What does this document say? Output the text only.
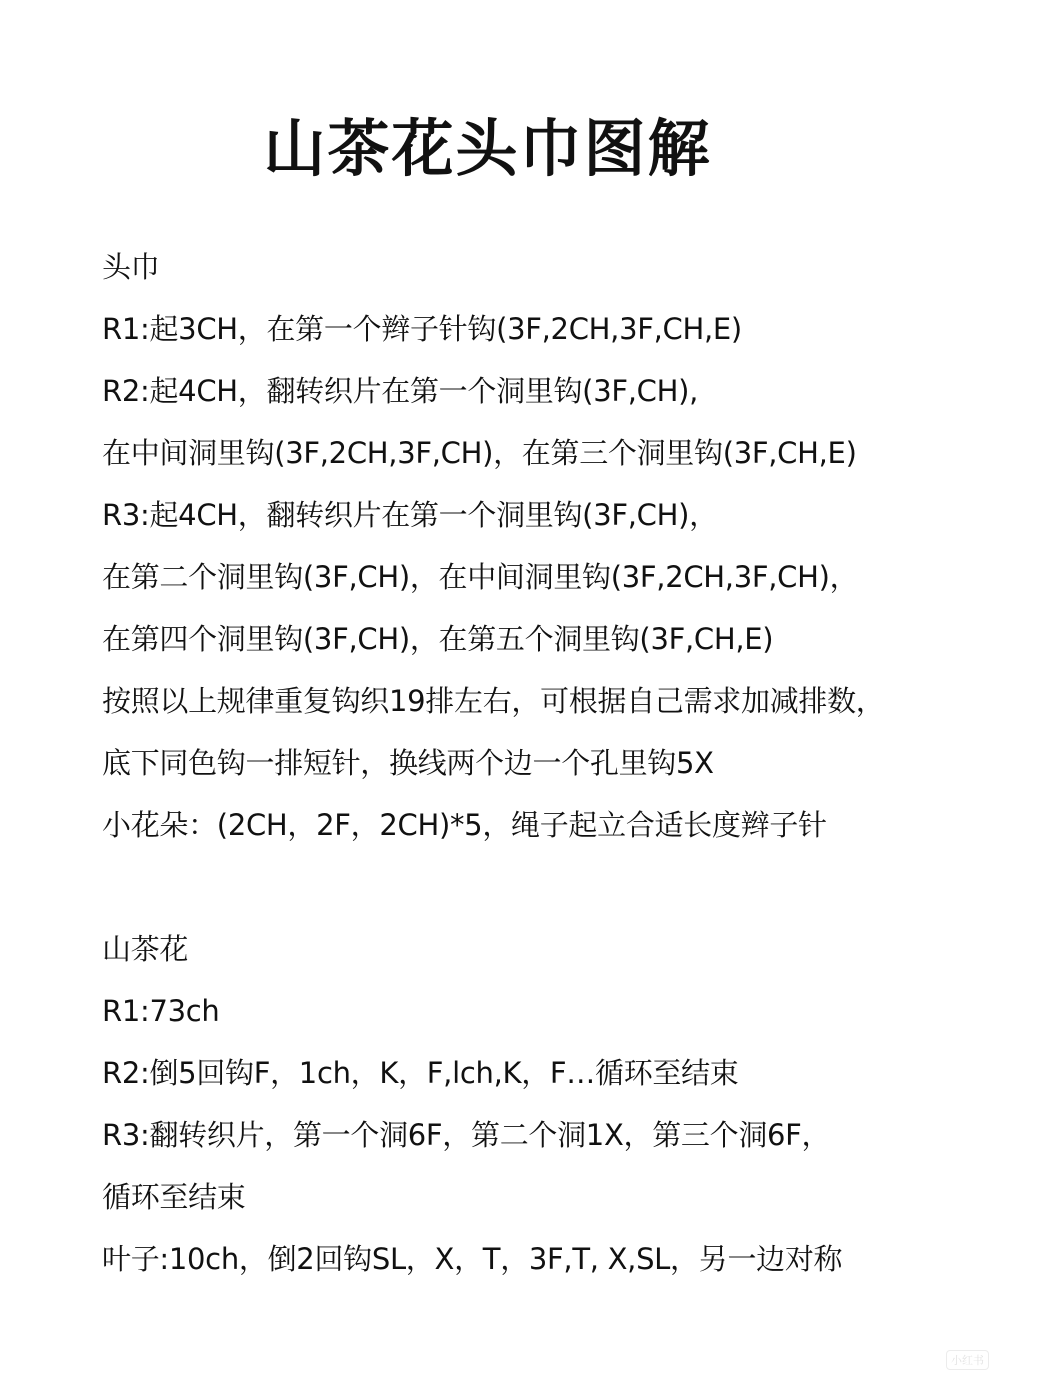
山茶花头巾图解
头巾
R1:起3CH，在第一个辫子针钩(3F,2CH,3F,CH,E)
R2:起4CH，翻转织片在第一个洞里钩(3F,CH),
在中间洞里钩(3F,2CH,3F,CH)，在第三个洞里钩(3F,CH,E)
R3:起4CH，翻转织片在第一个洞里钩(3F,CH)，
在第二个洞里钩(3F,CH)，在中间洞里钩(3F,2CH,3F,CH)，
在第四个洞里钩(3F,CH)，在第五个洞里钩(3F,CH,E)
按照以上规律重复钩织19排左右，可根据自己需求加减排数，
底下同色钩一排短针，换线两个边一个孔里钩5X
小花朵：(2CH，2F，2CH)*5，绳子起立合适长度辫子针
山茶花
R1:73ch
R2:倒5回钩F，1ch，K，F,lch,K，F…循环至结束
R3:翻转织片，第一个洞6F，第二个洞1X，第三个洞6F，
循环至结束
叶子:10ch，倒2回钩SL，X，T，3F,T, X,SL，另一边对称
小红书
